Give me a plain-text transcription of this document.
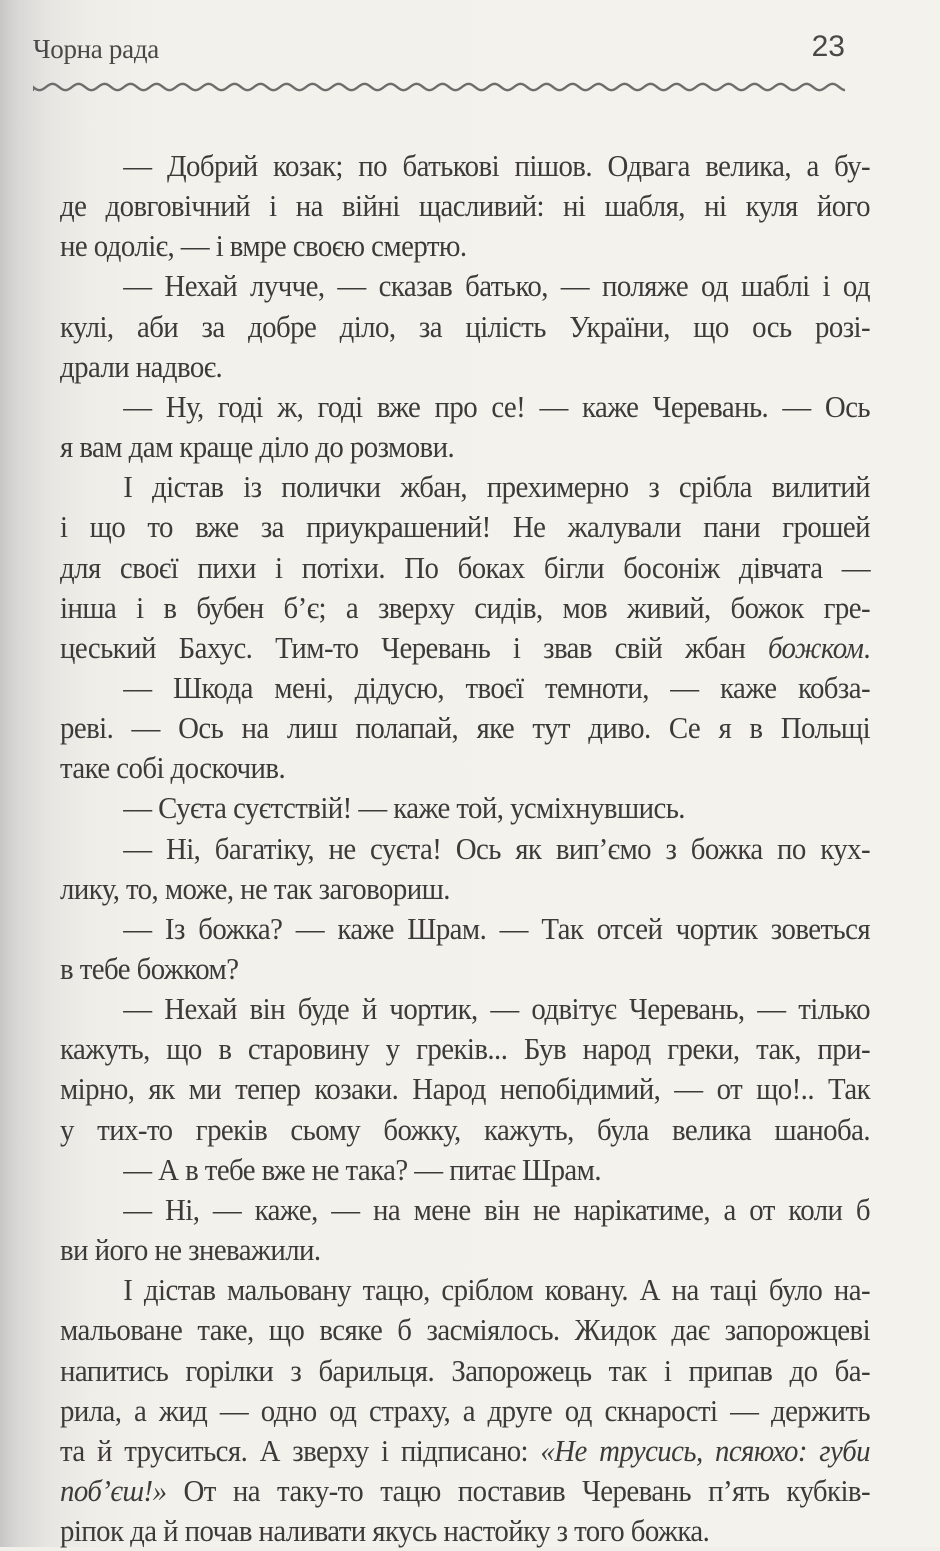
Чорна рада	23
— Добрий козак; по батькові пішов. Одвага велика, а бу-
де довговічний і на війні щасливий: ні шабля, ні куля його
не одоліє, — і вмре своєю смертю.
— Нехай лучче, — сказав батько, — поляже од шаблі і од
кулі, аби за добре діло, за цілість України, що ось розі-
драли надвоє.
— Ну, годі ж, годі вже про се! — каже Черевань. — Ось
я вам дам краще діло до розмови.
І дістав із полички жбан, прехимерно з срібла вилитий
і що то вже за приукрашений! Не жалували пани грошей
для своєї пихи і потіхи. По боках бігли босоніж дівчата —
інша і в бубен б’є; а зверху сидів, мов живий, божок гре-
цеський Бахус. Тим-то Черевань і звав свій жбан божком.
— Шкода мені, дідусю, твоєї темноти, — каже кобза-
реві. — Ось на лиш полапай, яке тут диво. Се я в Польщі
таке собі доскочив.
— Суєта суєтствій! — каже той, усміхнувшись.
— Ні, багатіку, не суєта! Ось як вип’ємо з божка по кух-
лику, то, може, не так заговориш.
— Із божка? — каже Шрам. — Так отсей чортик зоветься
в тебе божком?
— Нехай він буде й чортик, — одвітує Черевань, — тілько
кажуть, що в старовину у греків... Був народ греки, так, при-
мірно, як ми тепер козаки. Народ непобідимий, — от що!.. Так
у тих-то греків сьому божку, кажуть, була велика шаноба.
— А в тебе вже не така? — питає Шрам.
— Ні, — каже, — на мене він не нарікатиме, а от коли б
ви його не зневажили.
І дістав мальовану тацю, сріблом ковану. А на таці було на-
мальоване таке, що всяке б засміялось. Жидок дає запорожцеві
напитись горілки з барильця. Запорожець так і припав до ба-
рила, а жид — одно од страху, а друге од скнарості — держить
та й труситься. А зверху і підписано: «Не трусись, псяюхо: губи
поб’єш!» От на таку-то тацю поставив Черевань п’ять кубків-
ріпок да й почав наливати якусь настойку з того божка.
